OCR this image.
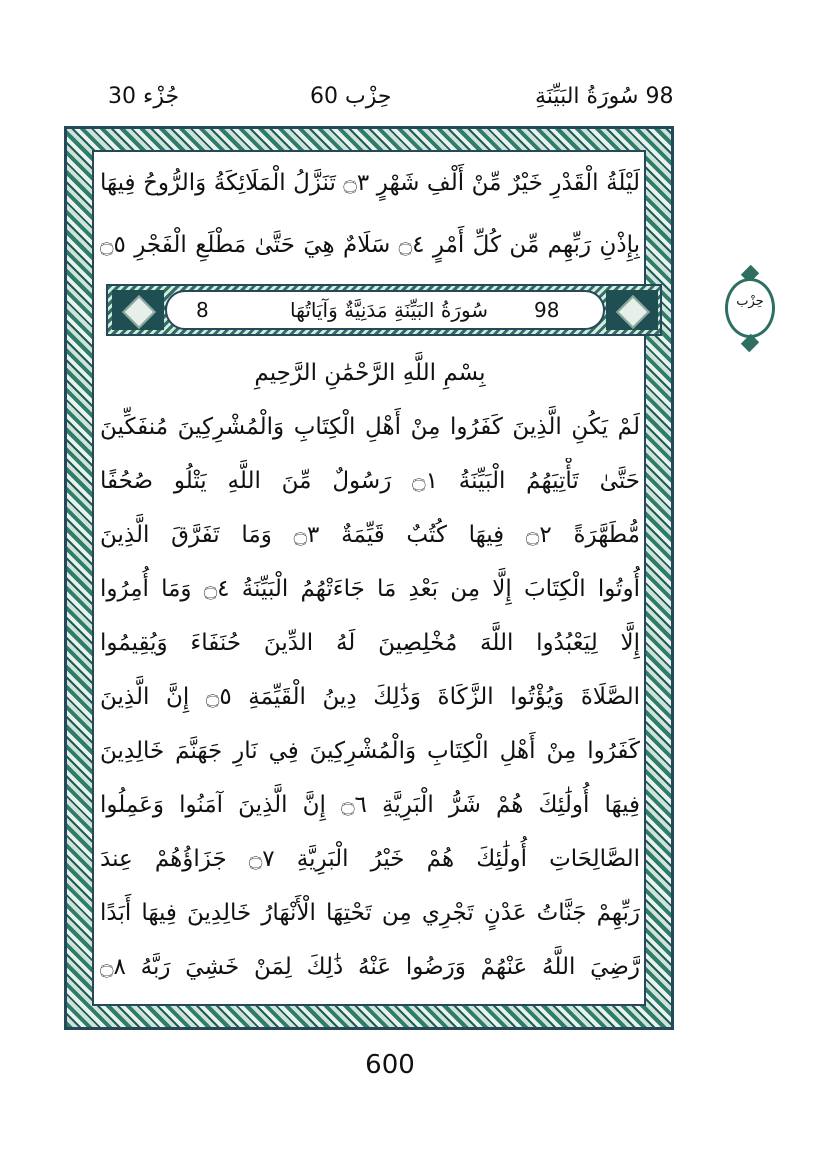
98 سُورَةُ البَيِّنَةِ
حِزْب 60
جُزْء 30
لَيْلَةُ الْقَدْرِ خَيْرٌ مِّنْ أَلْفِ شَهْرٍ ۝٣ تَنَزَّلُ الْمَلَائِكَةُ وَالرُّوحُ فِيهَا
بِإِذْنِ رَبِّهِم مِّن كُلِّ أَمْرٍ ۝٤ سَلَامٌ هِيَ حَتَّىٰ مَطْلَعِ الْفَجْرِ ۝٥
8	سُورَةُ البَيِّنَةِ مَدَنِيَّةٌ وَآيَاتُهَا 98	حِزْب
بِسْمِ اللَّهِ الرَّحْمَٰنِ الرَّحِيمِ
لَمْ يَكُنِ الَّذِينَ كَفَرُوا مِنْ أَهْلِ الْكِتَابِ وَالْمُشْرِكِينَ مُنفَكِّينَ
حَتَّىٰ تَأْتِيَهُمُ الْبَيِّنَةُ ۝١ رَسُولٌ مِّنَ اللَّهِ يَتْلُو صُحُفًا
مُّطَهَّرَةً ۝٢ فِيهَا كُتُبٌ قَيِّمَةٌ ۝٣ وَمَا تَفَرَّقَ الَّذِينَ
أُوتُوا الْكِتَابَ إِلَّا مِن بَعْدِ مَا جَاءَتْهُمُ الْبَيِّنَةُ ۝٤ وَمَا أُمِرُوا
إِلَّا لِيَعْبُدُوا اللَّهَ مُخْلِصِينَ لَهُ الدِّينَ حُنَفَاءَ وَيُقِيمُوا
الصَّلَاةَ وَيُؤْتُوا الزَّكَاةَ وَذَٰلِكَ دِينُ الْقَيِّمَةِ ۝٥ إِنَّ الَّذِينَ
كَفَرُوا مِنْ أَهْلِ الْكِتَابِ وَالْمُشْرِكِينَ فِي نَارِ جَهَنَّمَ خَالِدِينَ
فِيهَا أُولَٰئِكَ هُمْ شَرُّ الْبَرِيَّةِ ۝٦ إِنَّ الَّذِينَ آمَنُوا وَعَمِلُوا
الصَّالِحَاتِ أُولَٰئِكَ هُمْ خَيْرُ الْبَرِيَّةِ ۝٧ جَزَاؤُهُمْ عِندَ
رَبِّهِمْ جَنَّاتُ عَدْنٍ تَجْرِي مِن تَحْتِهَا الْأَنْهَارُ خَالِدِينَ فِيهَا أَبَدًا
رَّضِيَ اللَّهُ عَنْهُمْ وَرَضُوا عَنْهُ ذَٰلِكَ لِمَنْ خَشِيَ رَبَّهُ ۝٨
600
